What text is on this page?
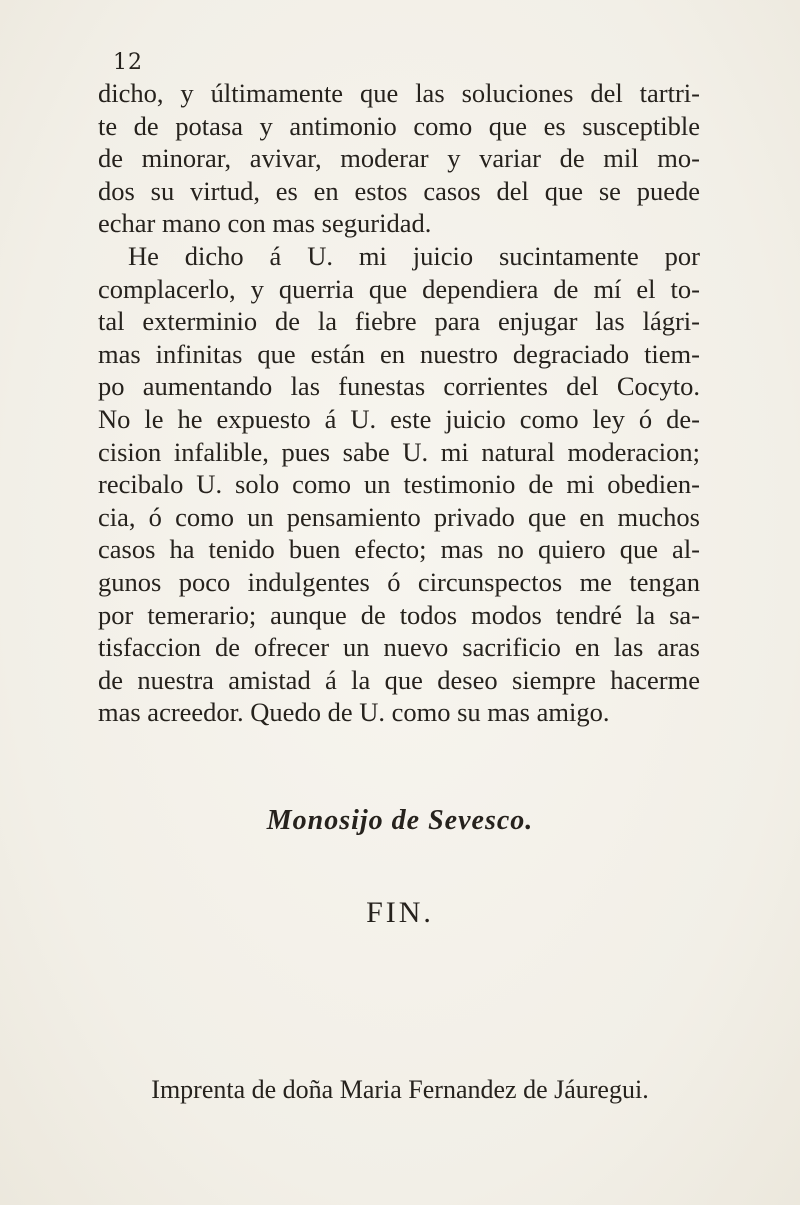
12
dicho, y últimamente que las soluciones del tartri-
te de potasa y antimonio como que es susceptible
de minorar, avivar, moderar y variar de mil mo-
dos su virtud, es en estos casos del que se puede
echar mano con mas seguridad.
He dicho á U. mi juicio sucintamente por
complacerlo, y querria que dependiera de mí el to-
tal exterminio de la fiebre para enjugar las lágri-
mas infinitas que están en nuestro degraciado tiem-
po aumentando las funestas corrientes del Cocyto.
No le he expuesto á U. este juicio como ley ó de-
cision infalible, pues sabe U. mi natural moderacion;
recibalo U. solo como un testimonio de mi obedien-
cia, ó como un pensamiento privado que en muchos
casos ha tenido buen efecto; mas no quiero que al-
gunos poco indulgentes ó circunspectos me tengan
por temerario; aunque de todos modos tendré la sa-
tisfaccion de ofrecer un nuevo sacrificio en las aras
de nuestra amistad á la que deseo siempre hacerme
mas acreedor. Quedo de U. como su mas amigo.
Monosijo de Sevesco.
FIN.
Imprenta de doña Maria Fernandez de Jáuregui.
